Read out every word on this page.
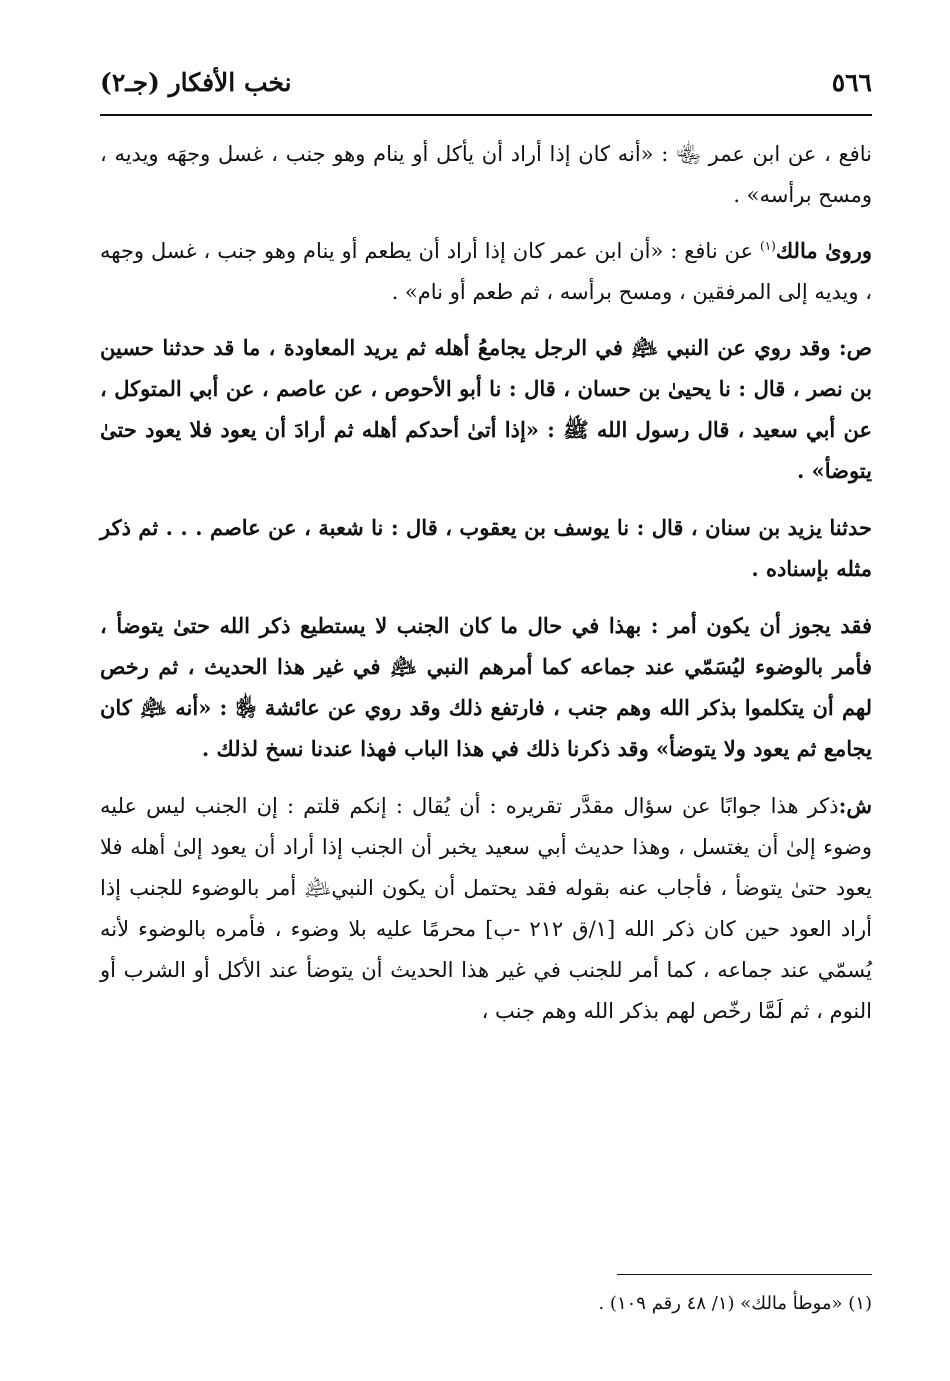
٥٦٦
نخب الأفكار (جـ٢)

نافع ، عن ابن عمر ﵄ : «أنه كان إذا أراد أن يأكل أو ينام وهو جنب ، غسل وجهَه ويديه ، ومسح برأسه» .

وروىٰ مالك$^{(١)}$ عن نافع : «أن ابن عمر كان إذا أراد أن يطعم أو ينام وهو جنب ، غسل وجهه ، ويديه إلى المرفقين ، ومسح برأسه ، ثم طعم أو نام» .

ص: وقد روي عن النبي ﵇ في الرجل يجامعُ أهله ثم يريد المعاودة ، ما قد حدثنا حسين بن نصر ، قال : نا يحيىٰ بن حسان ، قال : نا أبو الأحوص ، عن عاصم ، عن أبي المتوكل ، عن أبي سعيد ، قال رسول الله ﷺ : «إذا أتىٰ أحدكم أهله ثم أرادَ أن يعود فلا يعود حتىٰ يتوضأ» .

حدثنا يزيد بن سنان ، قال : نا يوسف بن يعقوب ، قال : نا شعبة ، عن عاصم . . . ثم ذكر مثله بإسناده .

فقد يجوز أن يكون أمر : بهذا في حال ما كان الجنب لا يستطيع ذكر الله حتىٰ يتوضأ ، فأمر بالوضوء ليُسَمّي عند جماعه كما أمرهم النبي ﵇ في غير هذا الحديث ، ثم رخص لهم أن يتكلموا بذكر الله وهم جنب ، فارتفع ذلك وقد روي عن عائشة ﵂ : «أنه ﵇ كان يجامع ثم يعود ولا يتوضأ» وقد ذكرنا ذلك في هذا الباب فهذا عندنا نسخ لذلك .

ش:ذكر هذا جوابًا عن سؤال مقدَّر تقريره : أن يُقال : إنكم قلتم : إن الجنب ليس عليه وضوء إلىٰ أن يغتسل ، وهذا حديث أبي سعيد يخبر أن الجنب إذا أراد أن يعود إلىٰ أهله فلا يعود حتىٰ يتوضأ ، فأجاب عنه بقوله فقد يحتمل أن يكون النبي﵇ أمر بالوضوء للجنب إذا أراد العود حين كان ذكر الله [١/ق ٢١٢ -ب] محرمًا عليه بلا وضوء ، فأمره بالوضوء لأنه يُسمّي عند جماعه ، كما أمر للجنب في غير هذا الحديث أن يتوضأ عند الأكل أو الشرب أو النوم ، ثم لَمَّا رخّص لهم بذكر الله وهم جنب ،

(١) «موطأ مالك» (١/ ٤٨ رقم ١٠٩) .
